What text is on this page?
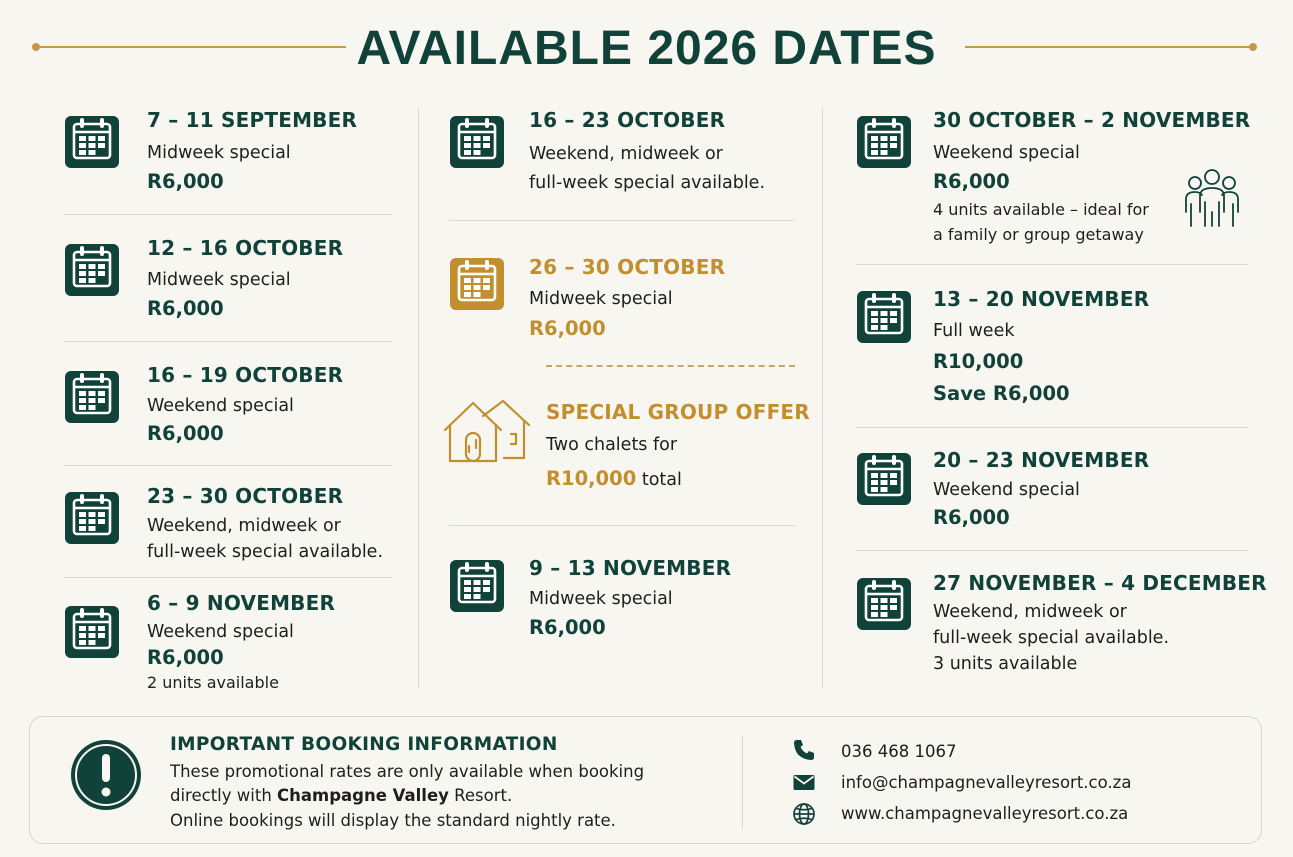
AVAILABLE 2026 DATES
7 – 11 SEPTEMBER
Midweek special
R6,000
12 – 16 OCTOBER
Midweek special
R6,000
16 – 19 OCTOBER
Weekend special
R6,000
23 – 30 OCTOBER
Weekend, midweek or
full-week special available.
6 – 9 NOVEMBER
Weekend special
R6,000
2 units available
16 – 23 OCTOBER
Weekend, midweek or
full-week special available.
26 – 30 OCTOBER
Midweek special
R6,000
SPECIAL GROUP OFFER
Two chalets for
R10,000 total
9 – 13 NOVEMBER
Midweek special
R6,000
30 OCTOBER – 2 NOVEMBER
Weekend special
R6,000
4 units available – ideal for
a family or group getaway
13 – 20 NOVEMBER
Full week
R10,000
Save R6,000
20 – 23 NOVEMBER
Weekend special
R6,000
27 NOVEMBER – 4 DECEMBER
Weekend, midweek or
full-week special available.
3 units available
IMPORTANT BOOKING INFORMATION
These promotional rates are only available when booking
directly with Champagne Valley Resort.
Online bookings will display the standard nightly rate.
036 468 1067
info@champagnevalleyresort.co.za
www.champagnevalleyresort.co.za
